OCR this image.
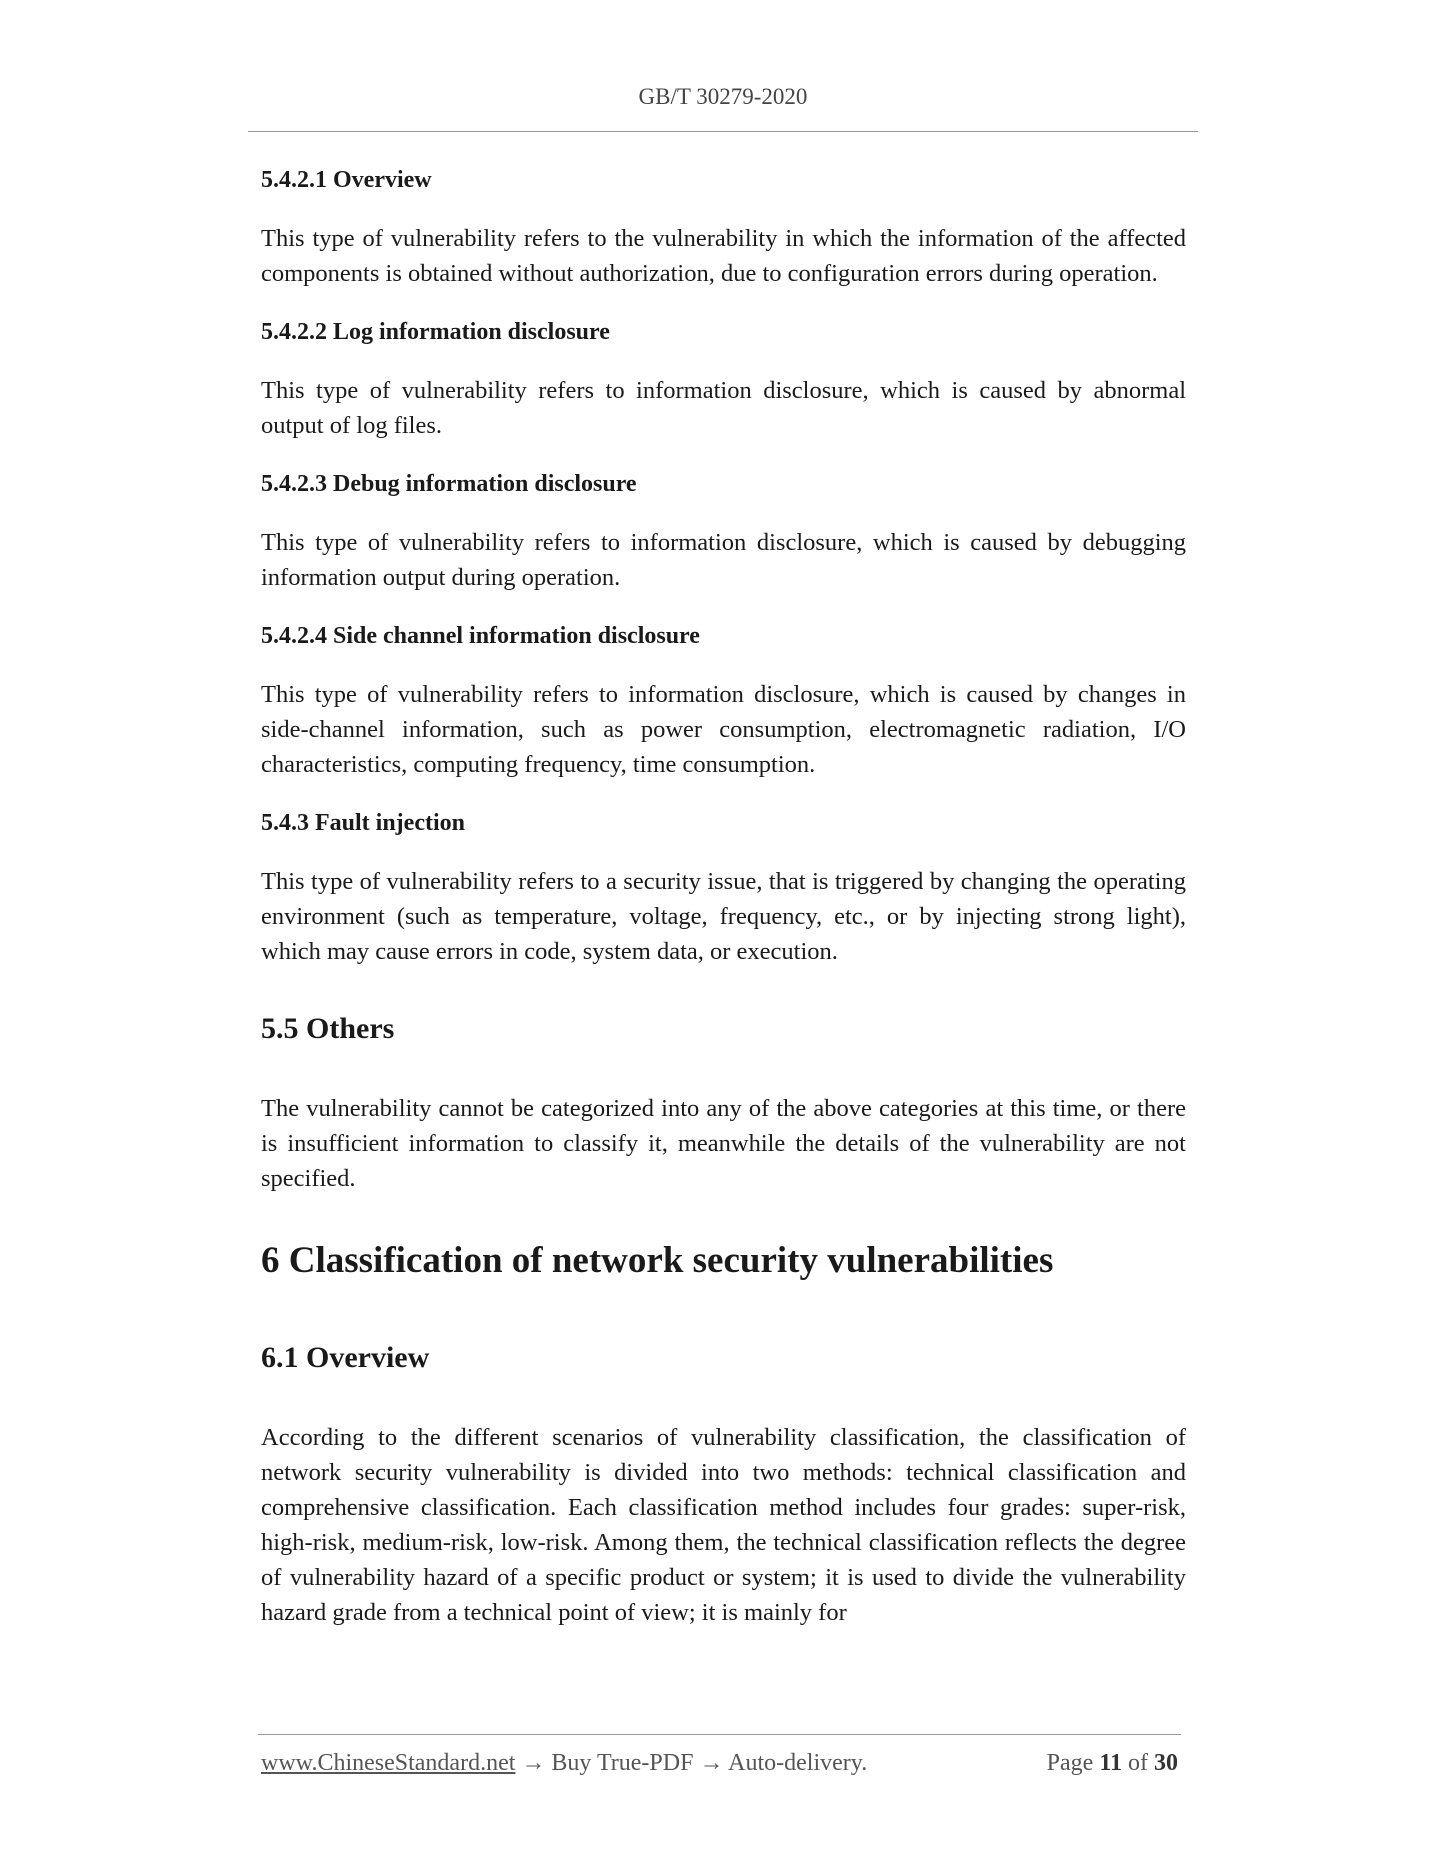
GB/T 30279-2020
5.4.2.1 Overview

This type of vulnerability refers to the vulnerability in which the information of the affected components is obtained without authorization, due to configuration errors during operation.

5.4.2.2 Log information disclosure

This type of vulnerability refers to information disclosure, which is caused by abnormal output of log files.

5.4.2.3 Debug information disclosure

This type of vulnerability refers to information disclosure, which is caused by debugging information output during operation.

5.4.2.4 Side channel information disclosure

This type of vulnerability refers to information disclosure, which is caused by changes in side-channel information, such as power consumption, electromagnetic radiation, I/O characteristics, computing frequency, time consumption.

5.4.3 Fault injection

This type of vulnerability refers to a security issue, that is triggered by changing the operating environment (such as temperature, voltage, frequency, etc., or by injecting strong light), which may cause errors in code, system data, or execution.

5.5 Others

The vulnerability cannot be categorized into any of the above categories at this time, or there is insufficient information to classify it, meanwhile the details of the vulnerability are not specified.

6 Classification of network security vulnerabilities
6.1 Overview

According to the different scenarios of vulnerability classification, the classification of network security vulnerability is divided into two methods: technical classification and comprehensive classification. Each classification method includes four grades: super-risk, high-risk, medium-risk, low-risk. Among them, the technical classification reflects the degree of vulnerability hazard of a specific product or system; it is used to divide the vulnerability hazard grade from a technical point of view; it is mainly for

www.ChineseStandard.net → Buy True-PDF → Auto-delivery.	Page 11 of 30
